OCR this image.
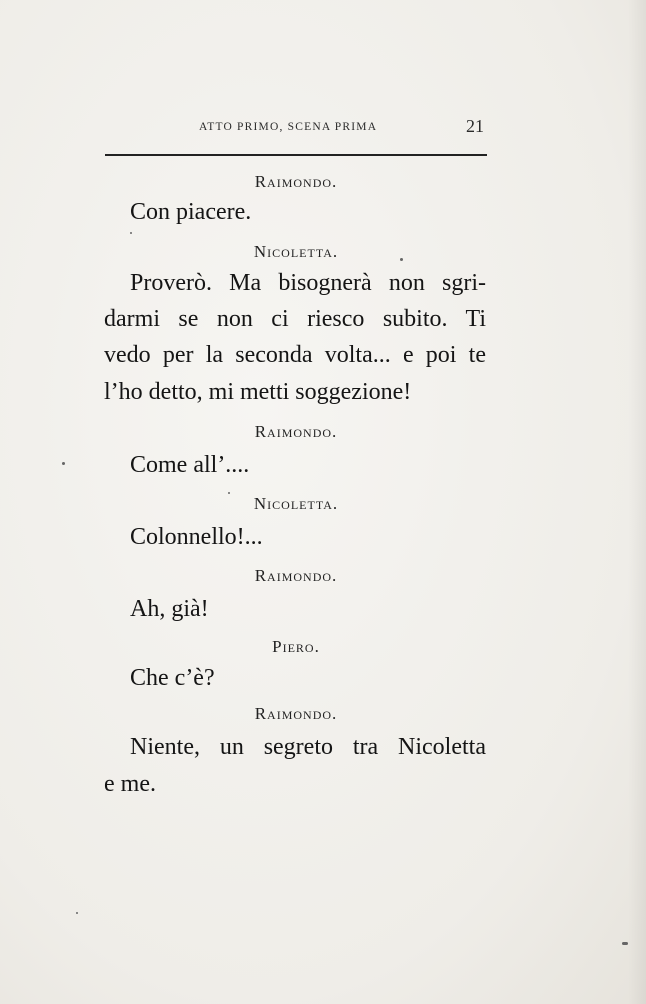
ATTO PRIMO, SCENA PRIMA	21
Raimondo.
Con piacere.
Nicoletta.
Proverò. Ma bisognerà non sgri-
darmi se non ci riesco subito. Ti
vedo per la seconda volta... e poi te
l’ho detto, mi metti soggezione!
Raimondo.
Come all’....
Nicoletta.
Colonnello!...
Raimondo.
Ah, già!
Piero.
Che c’è?
Raimondo.
Niente, un segreto tra Nicoletta
e me.
